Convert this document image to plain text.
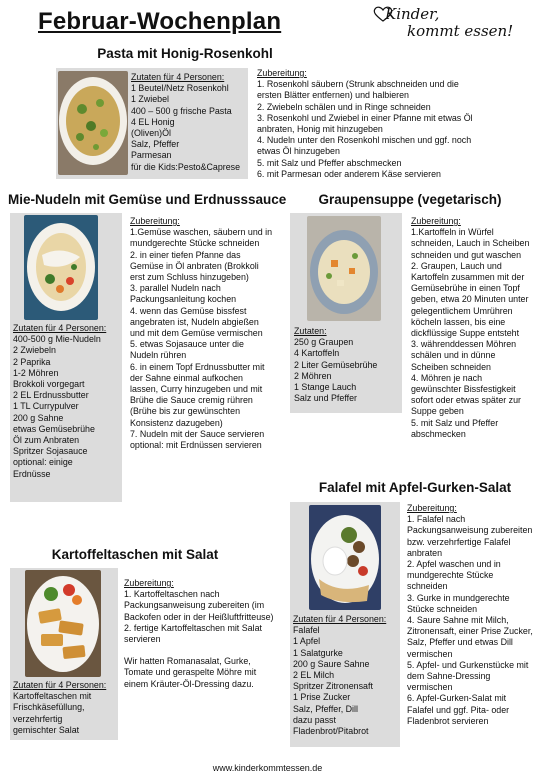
Februar-Wochenplan	Kinder,
kommt essen!
Pasta mit Honig-Rosenkohl
Zutaten für 4 Personen:
1 Beutel/Netz Rosenkohl
1 Zwiebel
400 – 500 g frische Pasta
4 EL Honig
(Oliven)Öl
Salz, Pfeffer
Parmesan
für die Kids:Pesto&Caprese
Zubereitung:
1. Rosenkohl säubern (Strunk abschneiden und die ersten Blätter entfernen) und halbieren
2. Zwiebeln schälen und in Ringe schneiden
3. Rosenkohl und Zwiebel in einer Pfanne mit etwas Öl anbraten, Honig mit hinzugeben
4. Nudeln unter den Rosenkohl mischen und ggf. noch etwas Öl hinzugeben
5. mit Salz und Pfeffer abschmecken
6. mit Parmesan oder anderem Käse servieren
Mie-Nudeln mit Gemüse und Erdnusssauce
Zutaten für 4 Personen:
400-500 g Mie-Nudeln
2 Zwiebeln
2 Paprika
1-2 Möhren
Brokkoli vorgegart
2 EL Erdnussbutter
1 TL Currypulver
200 g Sahne
etwas Gemüsebrühe
Öl zum Anbraten
Spritzer Sojasauce
optional: einige
Erdnüsse
Zubereitung:
1.Gemüse waschen, säubern und in mundgerechte Stücke schneiden
2. in einer tiefen Pfanne das Gemüse in Öl anbraten (Brokkoli erst zum Schluss hinzugeben)
3. parallel Nudeln nach Packungsanleitung kochen
4. wenn das Gemüse bissfest angebraten ist, Nudeln abgießen und mit dem Gemüse vermischen
5. etwas Sojasauce unter die Nudeln rühren
6. in einem Topf Erdnussbutter mit der Sahne einmal aufkochen lassen, Curry hinzugeben und mit Brühe die Sauce cremig rühren (Brühe bis zur gewünschten Konsistenz dazugeben)
7. Nudeln mit der Sauce servieren
optional: mit Erdnüssen servieren
Graupensuppe (vegetarisch)
Zutaten:
250 g Graupen
4 Kartoffeln
2 Liter Gemüsebrühe
2 Möhren
1 Stange Lauch
Salz und Pfeffer
Zubereitung:
1.Kartoffeln in Würfel schneiden, Lauch in Scheiben schneiden und gut waschen
2. Graupen, Lauch und Kartoffeln zusammen mit der Gemüsebrühe in einen Topf geben, etwa 20 Minuten unter gelegentlichem Umrühren köcheln lassen, bis eine dickflüssige Suppe entsteht
3. währenddessen Möhren schälen und in dünne Scheiben schneiden
4. Möhren je nach gewünschter Bissfestigkeit sofort oder etwas später zur Suppe geben
5. mit Salz und Pfeffer abschmecken
Kartoffeltaschen mit Salat
Zutaten für 4 Personen:
Kartoffeltaschen mit Frischkäsefüllung, verzehrfertig
gemischter Salat
Zubereitung:
1. Kartoffeltaschen nach Packungsanweisung zubereiten (im Backofen oder in der Heißluftfritteuse)
2. fertige Kartoffeltaschen mit Salat servieren
Wir hatten Romanasalat, Gurke, Tomate und geraspelte Möhre mit einem Kräuter-Öl-Dressing dazu.
Falafel mit Apfel-Gurken-Salat
Zutaten für 4 Personen:
Falafel
1 Apfel
1 Salatgurke
200 g Saure Sahne
2 EL Milch
Spritzer Zitronensaft
1 Prise Zucker
Salz, Pfeffer, Dill
dazu passt
Fladenbrot/Pitabrot
Zubereitung:
1. Falafel nach Packungsanweisung zubereiten bzw. verzehrfertige Falafel anbraten
2. Apfel waschen und in mundgerechte Stücke schneiden
3. Gurke in mundgerechte Stücke schneiden
4. Saure Sahne mit Milch, Zitronensaft, einer Prise Zucker, Salz, Pfeffer und etwas Dill vermischen
5. Apfel- und Gurkenstücke mit dem Sahne-Dressing vermischen
6. Apfel-Gurken-Salat mit Falafel und ggf. Pita- oder Fladenbrot servieren
www.kinderkommtessen.de
